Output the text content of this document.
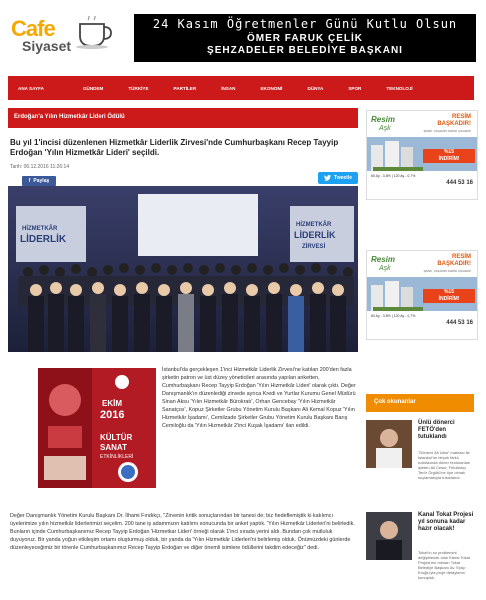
Cafe
Siyaset
24 Kasım Öğretmenler Günü Kutlu Olsun
ÖMER FARUK ÇELİK
ŞEHZADELER BELEDİYE BAŞKANI
ANA SAYFA	GÜNDEM	TÜRKİYE	PARTİLER	İNSAN	EKONOMİ	DÜNYA	SPOR	TEKNOLOJİ
Erdoğan'a Yılın Hizmetkâr Lideri Ödülü
Bu yıl 1'incisi düzenlenen Hizmetkâr Liderlik Zirvesi'nde Cumhurbaşkanı Recep Tayyip Erdoğan 'Yılın Hizmetkâr Lideri' seçildi.
Tarih: 06.12.2016 11:26:14
f Paylaş	Tweetle
HİZMETKÂR
LİDERLİK
HİZMETKÂR
LİDERLİK
ZİRVESİ
EKİM
2016
KÜLTÜR
SANAT
ETKİNLİKLERİ
İstanbul'da gerçekleşen 1'inci Hizmetkâr Liderlik Zirvesi'ne katılan 200'den fazla şirketin patron ve üst düzey yöneticileri arasında yapılan anketten, Cumhurbaşkanı Recep Tayyip Erdoğan 'Yılın Hizmetkâr Lideri' olarak çıktı. Değer Danışmanlık'ın düzenlediği zirvede ayrıca Kredi ve Yurtlar Kurumu Genel Müdürü Sinan Aksu 'Yılın Hizmetkâr Bürokratı', Orhan Gencebay 'Yılın Hizmetkâr Sanatçısı', Kopuz Şirketler Grubu Yönetim Kurulu Başkanı Ali Kemal Kopuz 'Yılın Hizmetkâr İşadamı', Cemilzade Şirketler Grubu Yönetim Kurulu Başkanı Barış Cemiloğlu da 'Yılın Hizmetkâr 2'inci Kuşak İşadamı' ilan edildi.
Değer Danışmanlık Yönetim Kurulu Başkanı Dr. İlhami Fındıkçı, "Zirvenin kritik sonuçlarından bir tanesi de; biz hedeflemiştik ki katılımcı üyelerimize yılın hizmetkâr liderlerimizi seçelim. 200 tane iş adammızın katılımı sonucunda bir anket yaptık. 'Yılın Hizmetkâr Liderleri'ni belirledik. Bunların içinde Cumhurbaşkanımız Recep Tayyip Erdoğan 'Hizmetkar Lideri' örneği olarak 1'inci sırada yerini aldı. Bundan çok mutluluk duyuyoruz. Bir yanda yoğun etkileşim ortamı oluşturmuş olduk, bir yanda da 'Yılın Hizmetkâr Liderleri'ni belirlemiş olduk. Önümüzdeki günlerde düzenleyeceğimiz bir törenle Cumhurbaşkanımız Recep Tayyip Erdoğan ve diğer önemli isimlere ödüllerini takdim edeceğiz" dedi.
Resim
Aşk
RESİM
BAŞKADIR!
ŞİMDİ, YAŞAMIN TADINI ÇIKARIN!
%15
İNDİRİM!
60 Ay - 3,8% | 120 Ay - 0,7%
444 53 16
Resim
Aşk
RESİM
BAŞKADIR!
ŞİMDİ, YAŞAMIN TADINI ÇIKARIN!
%15
İNDİRİM!
60 Ay - 3,8% | 120 Ay - 0,7%
444 53 16
Çok okunanlar
Ünlü dönerci FETÖ'den tutuklandı
"Dönerci Ali Usta" markası ile İstanbul'un birçok farklı noktasında döner restoranları işleten Ali Cesur, Fetullahçı Terör Örgütü'ne üye olmak suçlamasıyla tutuklandı.
Kanal Tokat Projesi yıl sonuna kadar hazır olacak!
Tokat'ın su problemini değiştirecek olan Kanal Tokat Projesi'nin mimarı Tokat Belediye Başkanı Av. Eyüp Eroğlu'yla proje detaylarını konuştuk.
